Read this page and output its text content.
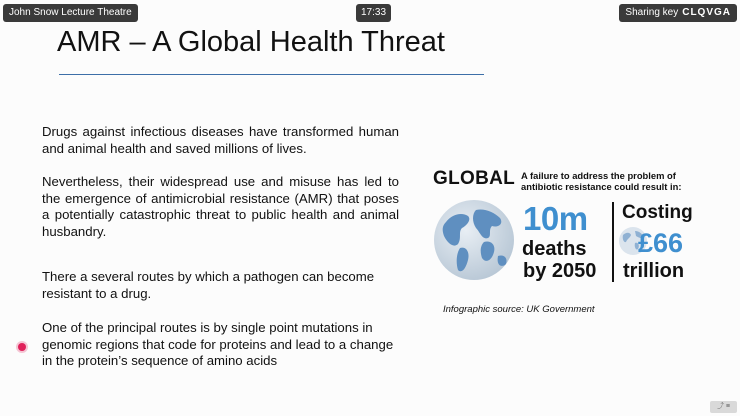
John Snow Lecture Theatre	17:33	Sharing key CLQVGA
AMR – A Global Health Threat

Drugs against infectious diseases have transformed human and animal health and saved millions of lives.

Nevertheless, their widespread use and misuse has led to the emergence of antimicrobial resistance (AMR) that poses a potentially catastrophic threat to public health and animal husbandry.

There a several routes by which a pathogen can become resistant to a drug.

One of the principal routes is by single point mutations in genomic regions that code for proteins and lead to a change in the protein’s sequence of amino acids

GLOBAL A failure to address the problem of antibiotic resistance could result in:
10m
deaths
by 2050
Costing
£66
trillion
Infographic source: UK Government
⤴ ≡
